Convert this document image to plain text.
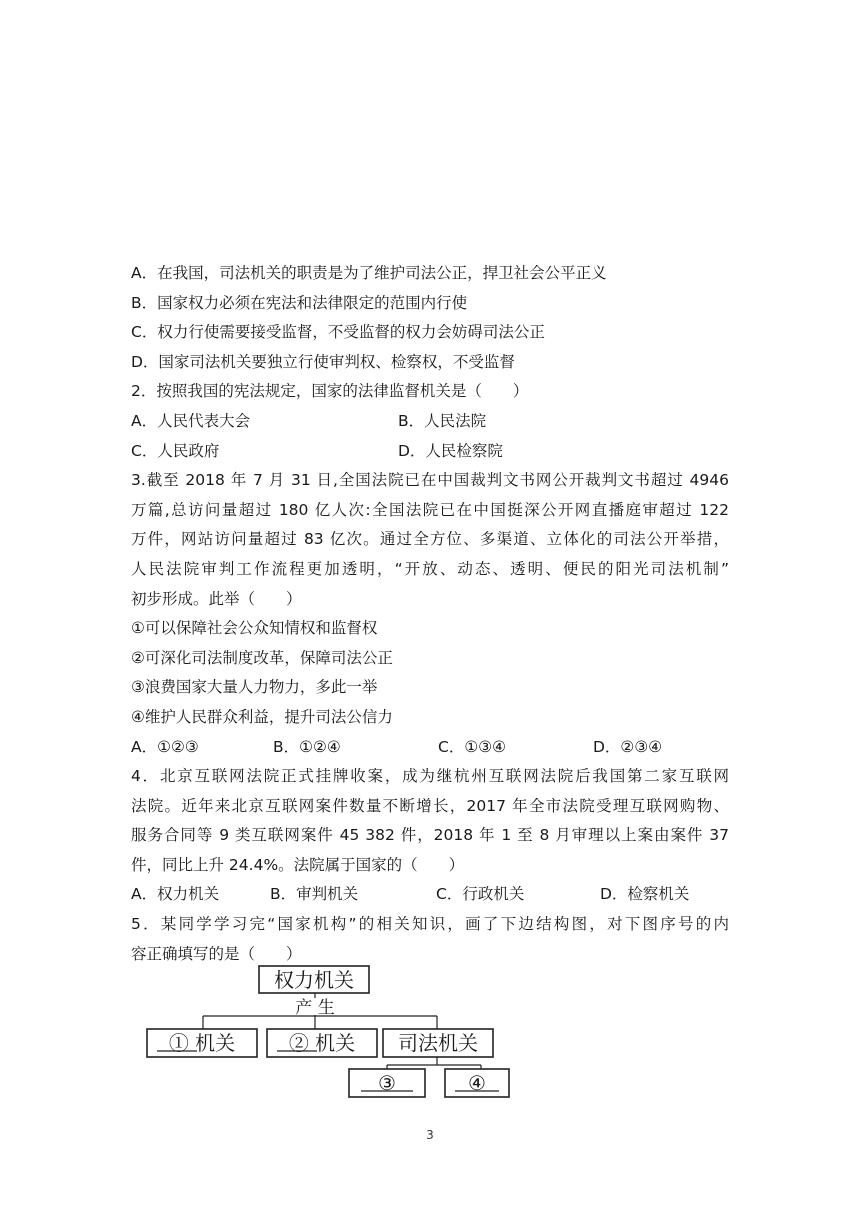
A．在我国，司法机关的职责是为了维护司法公正，捍卫社会公平正义
B．国家权力必须在宪法和法律限定的范围内行使
C．权力行使需要接受监督，不受监督的权力会妨碍司法公正
D．国家司法机关要独立行使审判权、检察权，不受监督
2．按照我国的宪法规定，国家的法律监督机关是（　　）
A．人民代表大会	B．人民法院
C．人民政府	D．人民检察院
3.截至 2018 年 7 月 31 日,全国法院已在中国裁判文书网公开裁判文书超过 4946
万篇,总访问量超过 180 亿人次:全国法院已在中国挺深公开网直播庭审超过 122
万件，网站访问量超过 83 亿次。通过全方位、多渠道、立体化的司法公开举措，
人民法院审判工作流程更加透明，“开放、动态、透明、便民的阳光司法机制”
初步形成。此举（　　）
①可以保障社会公众知情权和监督权
②可深化司法制度改革，保障司法公正
③浪费国家大量人力物力，多此一举
④维护人民群众利益，提升司法公信力
A．①②③	B．①②④	C．①③④	D．②③④
4．北京互联网法院正式挂牌收案，成为继杭州互联网法院后我国第二家互联网
法院。近年来北京互联网案件数量不断增长，2017 年全市法院受理互联网购物、
服务合同等 9 类互联网案件 45 382 件，2018 年 1 至 8 月审理以上案由案件 37
件，同比上升 24.4%。法院属于国家的（　　）
A．权力机关	B．审判机关	C．行政机关	D．检察机关
5．某同学学习完“国家机构”的相关知识，画了下边结构图，对下图序号的内
容正确填写的是（　　）
权力机关
产 生
① 机关	② 机关 司法机关
③	④
3
